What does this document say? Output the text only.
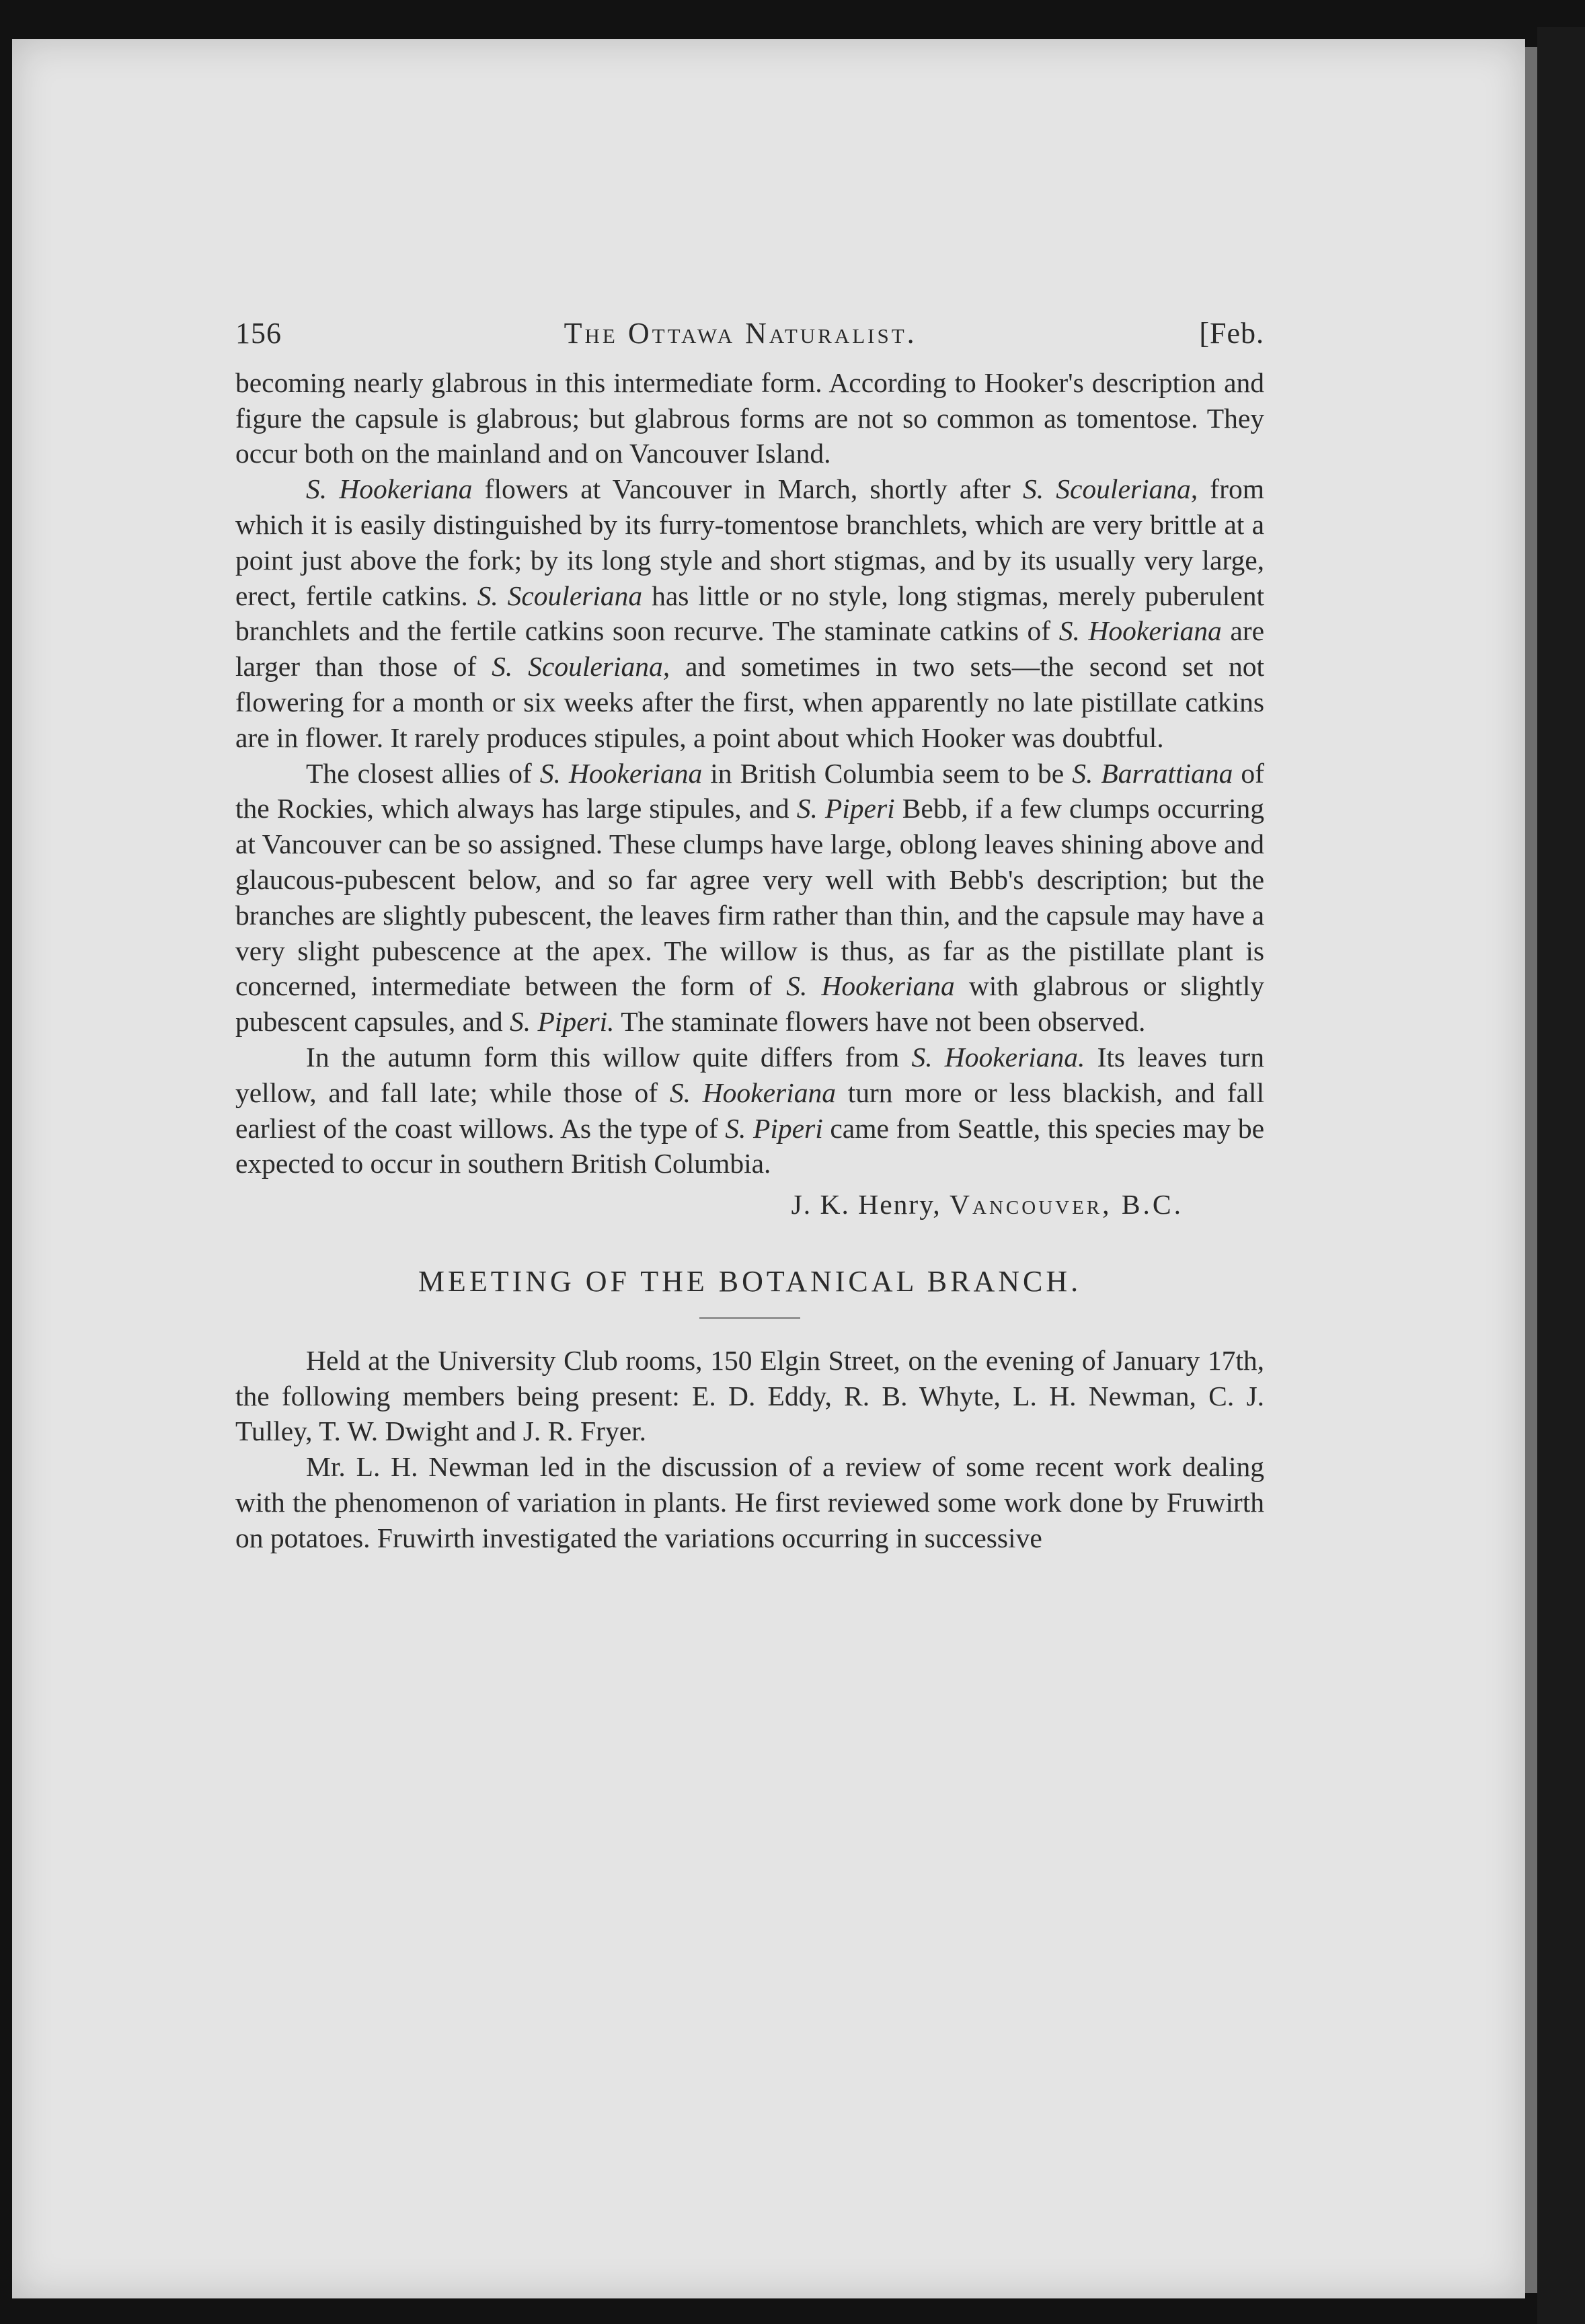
156	The Ottawa Naturalist.	[Feb.

becoming nearly glabrous in this intermediate form. According to Hooker's description and figure the capsule is glabrous; but glabrous forms are not so common as tomentose. They occur both on the mainland and on Vancouver Island.

S. Hookeriana flowers at Vancouver in March, shortly after S. Scouleriana, from which it is easily distinguished by its furry-tomentose branchlets, which are very brittle at a point just above the fork; by its long style and short stigmas, and by its usually very large, erect, fertile catkins. S. Scouleriana has little or no style, long stigmas, merely puberulent branchlets and the fertile catkins soon recurve. The staminate catkins of S. Hookeriana are larger than those of S. Scouleriana, and sometimes in two sets—the second set not flowering for a month or six weeks after the first, when apparently no late pistillate catkins are in flower. It rarely produces stipules, a point about which Hooker was doubtful.

The closest allies of S. Hookeriana in British Columbia seem to be S. Barrattiana of the Rockies, which always has large stipules, and S. Piperi Bebb, if a few clumps occurring at Vancouver can be so assigned. These clumps have large, oblong leaves shining above and glaucous-pubescent below, and so far agree very well with Bebb's description; but the branches are slightly pubescent, the leaves firm rather than thin, and the capsule may have a very slight pubescence at the apex. The willow is thus, as far as the pistillate plant is concerned, intermediate between the form of S. Hookeriana with glabrous or slightly pubescent capsules, and S. Piperi. The staminate flowers have not been observed.

In the autumn form this willow quite differs from S. Hookeriana. Its leaves turn yellow, and fall late; while those of S. Hookeriana turn more or less blackish, and fall earliest of the coast willows. As the type of S. Piperi came from Seattle, this species may be expected to occur in southern British Columbia.

J. K. Henry, Vancouver, B.C.
MEETING OF THE BOTANICAL BRANCH.

Held at the University Club rooms, 150 Elgin Street, on the evening of January 17th, the following members being present: E. D. Eddy, R. B. Whyte, L. H. Newman, C. J. Tulley, T. W. Dwight and J. R. Fryer.

Mr. L. H. Newman led in the discussion of a review of some recent work dealing with the phenomenon of variation in plants. He first reviewed some work done by Fruwirth on potatoes. Fruwirth investigated the variations occurring in successive
